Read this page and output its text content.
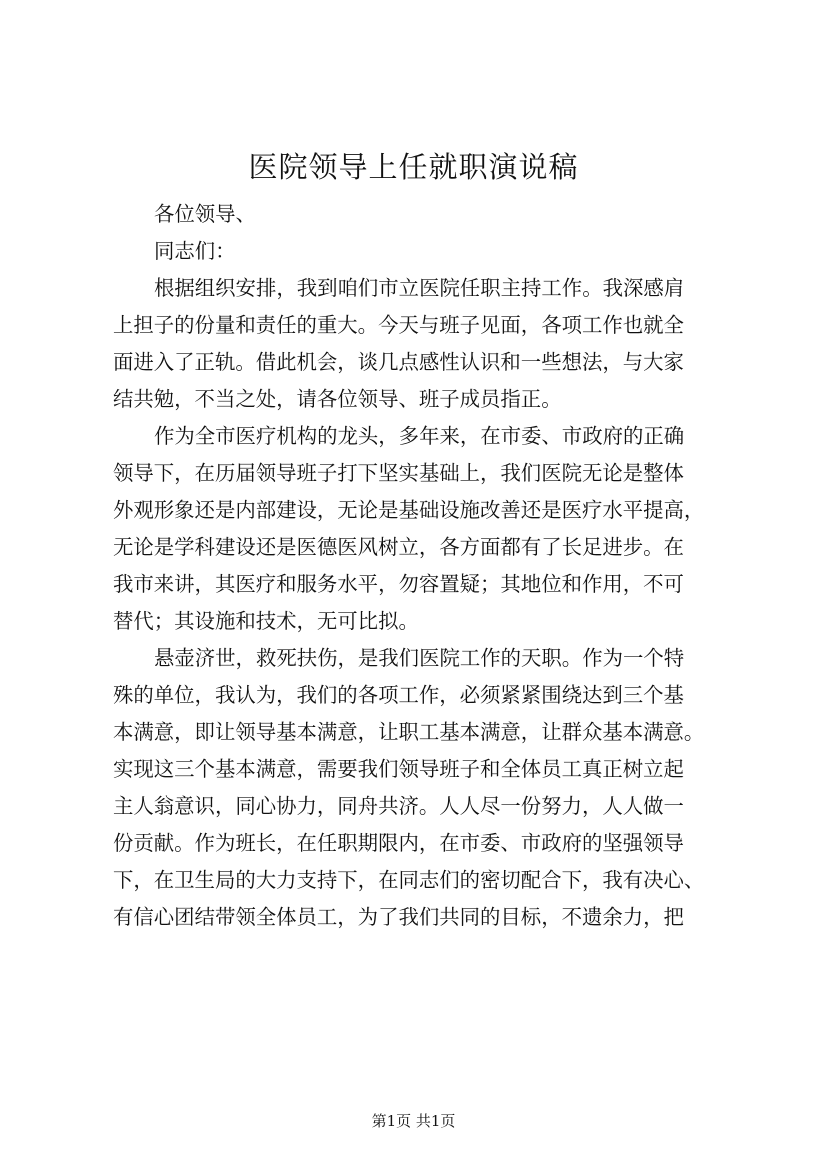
医院领导上任就职演说稿
各位领导、
同志们：
根据组织安排，我到咱们市立医院任职主持工作。我深感肩
上担子的份量和责任的重大。今天与班子见面，各项工作也就全
面进入了正轨。借此机会，谈几点感性认识和一些想法，与大家
结共勉，不当之处，请各位领导、班子成员指正。
作为全市医疗机构的龙头，多年来，在市委、市政府的正确
领导下，在历届领导班子打下坚实基础上，我们医院无论是整体
外观形象还是内部建设，无论是基础设施改善还是医疗水平提高，
无论是学科建设还是医德医风树立，各方面都有了长足进步。在
我市来讲，其医疗和服务水平，勿容置疑；其地位和作用，不可
替代；其设施和技术，无可比拟。
悬壶济世，救死扶伤，是我们医院工作的天职。作为一个特
殊的单位，我认为，我们的各项工作，必须紧紧围绕达到三个基
本满意，即让领导基本满意，让职工基本满意，让群众基本满意。
实现这三个基本满意，需要我们领导班子和全体员工真正树立起
主人翁意识，同心协力，同舟共济。人人尽一份努力，人人做一
份贡献。作为班长，在任职期限内，在市委、市政府的坚强领导
下，在卫生局的大力支持下，在同志们的密切配合下，我有决心、
有信心团结带领全体员工，为了我们共同的目标，不遗余力，把
第1页 共1页
